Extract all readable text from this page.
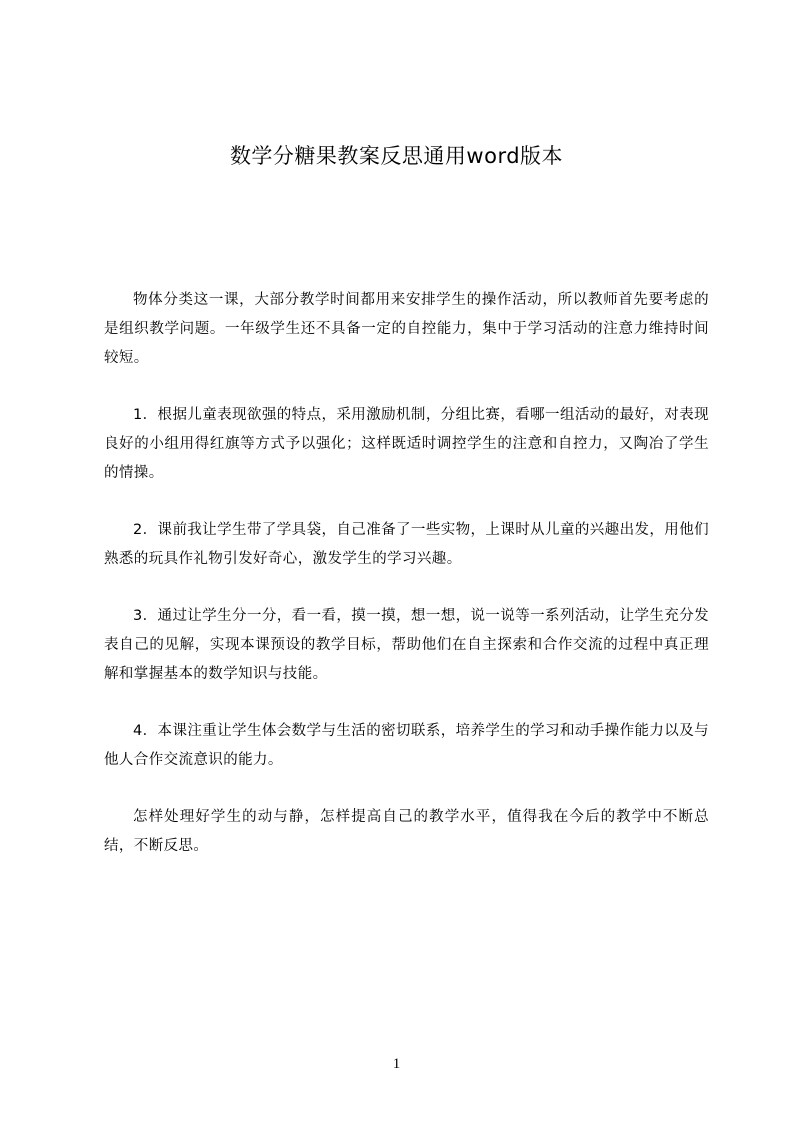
数学分糖果教案反思通用word版本

物体分类这一课，大部分教学时间都用来安排学生的操作活动，所以教师首先要考虑的是组织教学问题。一年级学生还不具备一定的自控能力，集中于学习活动的注意力维持时间较短。

1．根据儿童表现欲强的特点，采用激励机制，分组比赛，看哪一组活动的最好，对表现良好的小组用得红旗等方式予以强化；这样既适时调控学生的注意和自控力，又陶冶了学生的情操。

2．课前我让学生带了学具袋，自己准备了一些实物，上课时从儿童的兴趣出发，用他们熟悉的玩具作礼物引发好奇心，激发学生的学习兴趣。

3．通过让学生分一分，看一看，摸一摸，想一想，说一说等一系列活动，让学生充分发表自己的见解，实现本课预设的教学目标，帮助他们在自主探索和合作交流的过程中真正理解和掌握基本的数学知识与技能。

4．本课注重让学生体会数学与生活的密切联系，培养学生的学习和动手操作能力以及与他人合作交流意识的能力。

怎样处理好学生的动与静，怎样提高自己的教学水平，值得我在今后的教学中不断总结，不断反思。

1
